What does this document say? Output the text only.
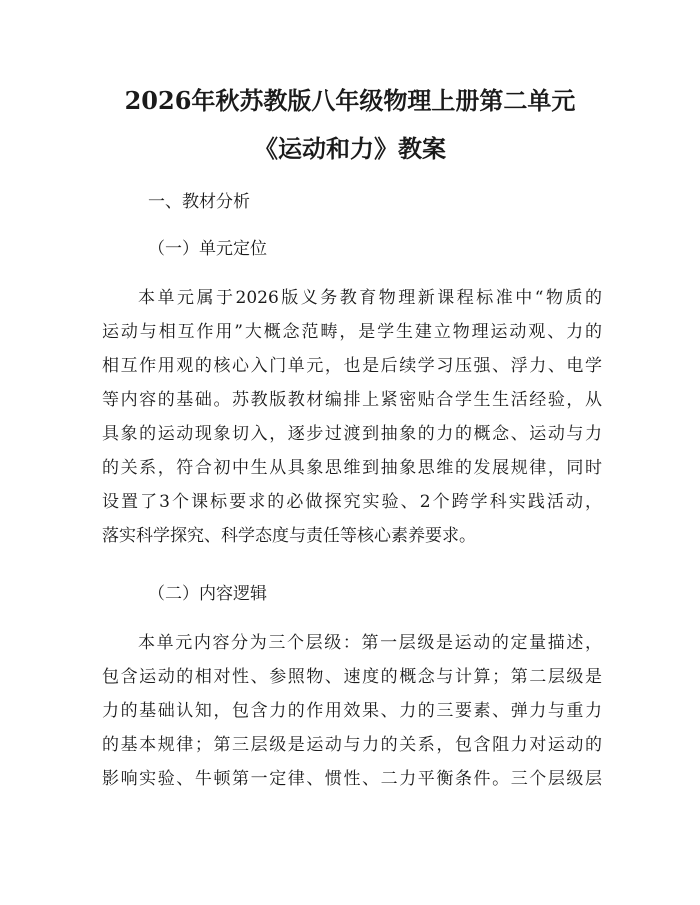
2026年秋苏教版八年级物理上册第二单元
《运动和力》教案
一、教材分析
（一）单元定位
本单元属于2026版义务教育物理新课程标准中“物质的
运动与相互作用”大概念范畴，是学生建立物理运动观、力的
相互作用观的核心入门单元，也是后续学习压强、浮力、电学
等内容的基础。苏教版教材编排上紧密贴合学生生活经验，从
具象的运动现象切入，逐步过渡到抽象的力的概念、运动与力
的关系，符合初中生从具象思维到抽象思维的发展规律，同时
设置了3个课标要求的必做探究实验、2个跨学科实践活动，
落实科学探究、科学态度与责任等核心素养要求。
（二）内容逻辑
本单元内容分为三个层级：第一层级是运动的定量描述，
包含运动的相对性、参照物、速度的概念与计算；第二层级是
力的基础认知，包含力的作用效果、力的三要素、弹力与重力
的基本规律；第三层级是运动与力的关系，包含阻力对运动的
影响实验、牛顿第一定律、惯性、二力平衡条件。三个层级层
